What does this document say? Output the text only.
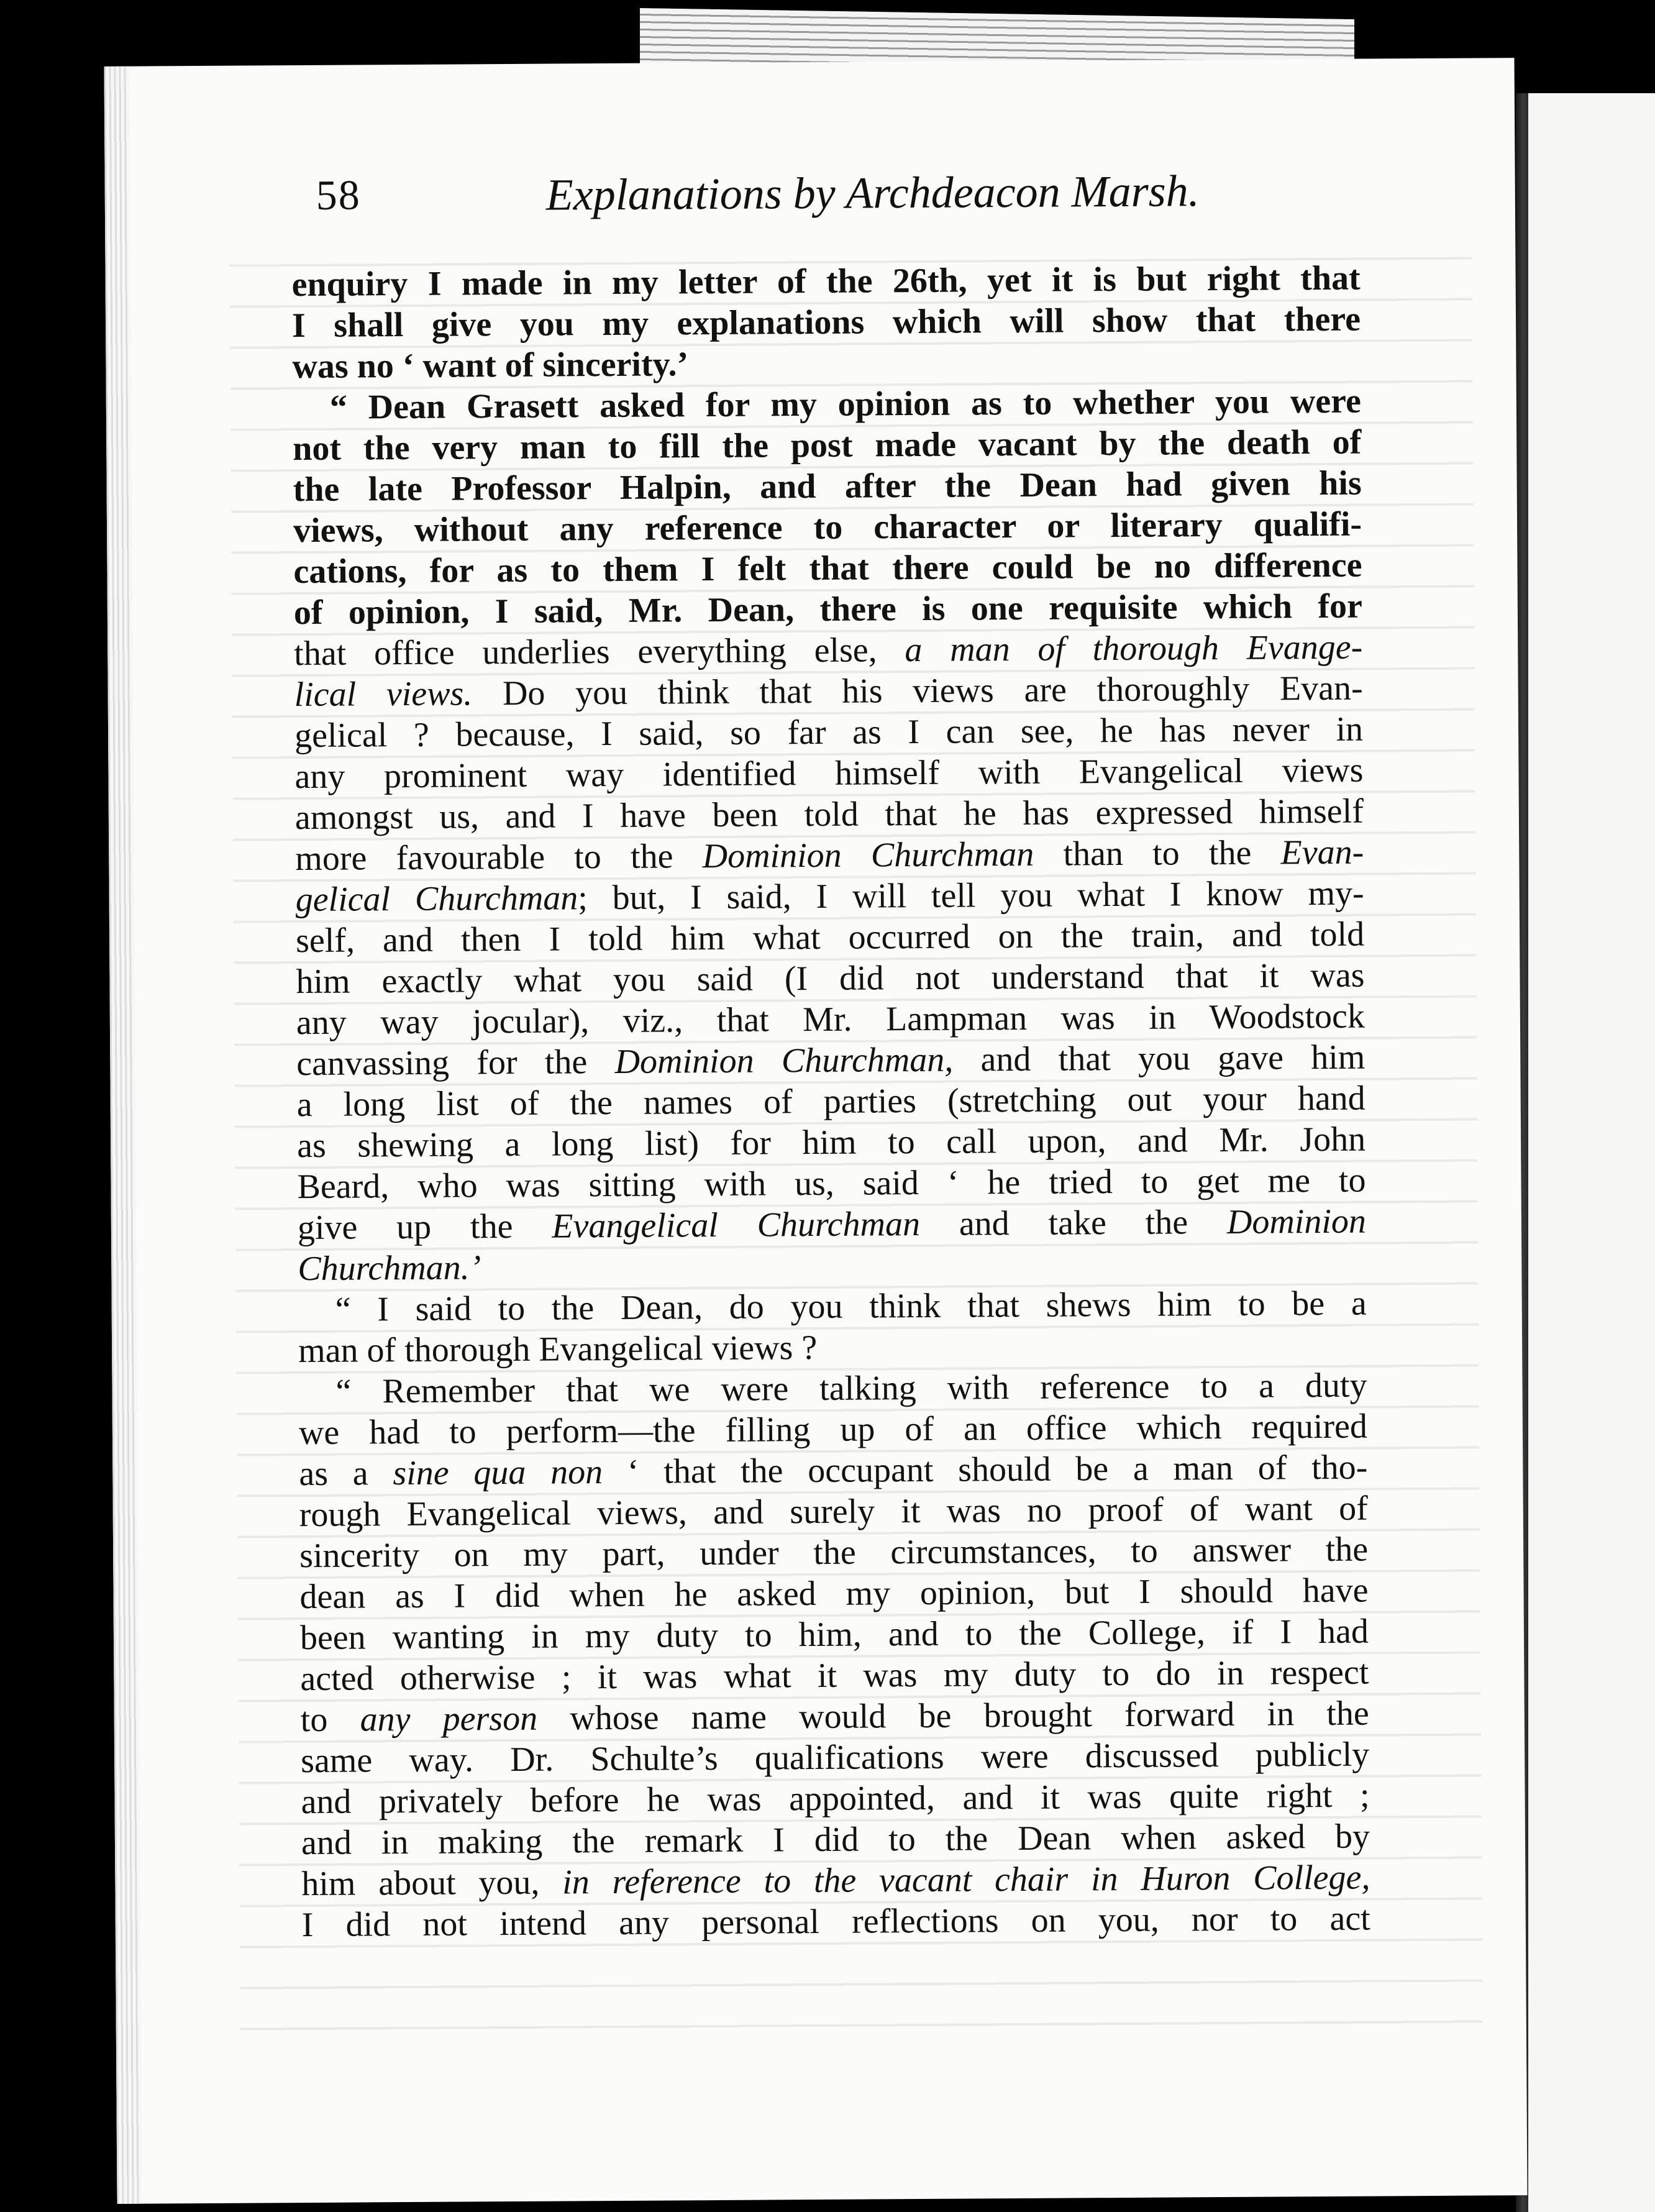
58	Explanations by Archdeacon Marsh.
enquiry I made in my letter of the 26th, yet it is but right that
I shall give you my explanations which will show that there
was no ‘ want of sincerity.’
“ Dean Grasett asked for my opinion as to whether you were
not the very man to fill the post made vacant by the death of
the late Professor Halpin, and after the Dean had given his
views, without any reference to character or literary qualifi-
cations, for as to them I felt that there could be no difference
of opinion, I said, Mr. Dean, there is one requisite which for
that office underlies everything else, a man of thorough Evange-
lical views. Do you think that his views are thoroughly Evan-
gelical ? because, I said, so far as I can see, he has never in
any prominent way identified himself with Evangelical views
amongst us, and I have been told that he has expressed himself
more favourable to the Dominion Churchman than to the Evan-
gelical Churchman; but, I said, I will tell you what I know my-
self, and then I told him what occurred on the train, and told
him exactly what you said (I did not understand that it was
any way jocular), viz., that Mr. Lampman was in Woodstock
canvassing for the Dominion Churchman, and that you gave him
a long list of the names of parties (stretching out your hand
as shewing a long list) for him to call upon, and Mr. John
Beard, who was sitting with us, said ‘ he tried to get me to
give up the Evangelical Churchman and take the Dominion
Churchman.’
“ I said to the Dean, do you think that shews him to be a
man of thorough Evangelical views ?
“ Remember that we were talking with reference to a duty
we had to perform—the filling up of an office which required
as a sine qua non ‘ that the occupant should be a man of tho-
rough Evangelical views, and surely it was no proof of want of
sincerity on my part, under the circumstances, to answer the
dean as I did when he asked my opinion, but I should have
been wanting in my duty to him, and to the College, if I had
acted otherwise ; it was what it was my duty to do in respect
to any person whose name would be brought forward in the
same way. Dr. Schulte’s qualifications were discussed publicly
and privately before he was appointed, and it was quite right ;
and in making the remark I did to the Dean when asked by
him about you, in reference to the vacant chair in Huron College,
I did not intend any personal reflections on you, nor to act
